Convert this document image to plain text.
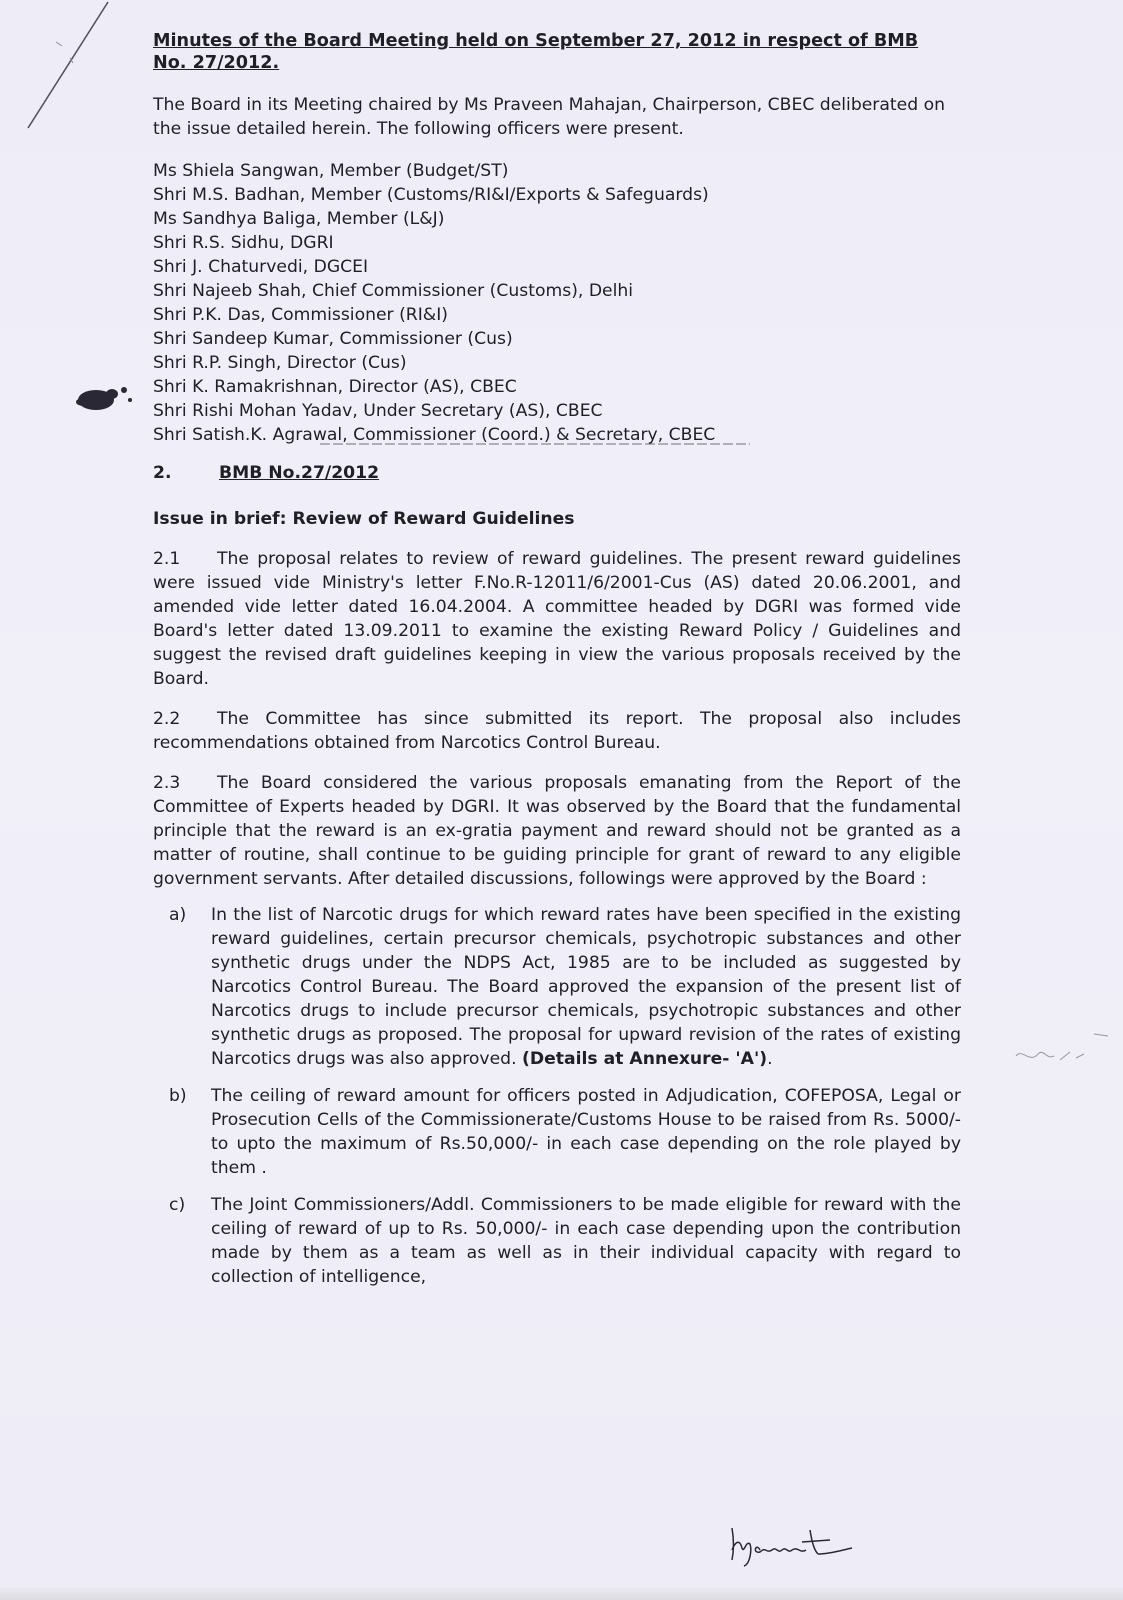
Minutes of the Board Meeting held on September 27, 2012 in respect of BMB No. 27/2012.

The Board in its Meeting chaired by Ms Praveen Mahajan, Chairperson, CBEC deliberated on the issue detailed herein. The following officers were present.

Ms Shiela Sangwan, Member (Budget/ST)
Shri M.S. Badhan, Member (Customs/RI&I/Exports & Safeguards)
Ms Sandhya Baliga, Member (L&J)
Shri R.S. Sidhu, DGRI
Shri J. Chaturvedi, DGCEI
Shri Najeeb Shah, Chief Commissioner (Customs), Delhi
Shri P.K. Das, Commissioner (RI&I)
Shri Sandeep Kumar, Commissioner (Cus)
Shri R.P. Singh, Director (Cus)
Shri K. Ramakrishnan, Director (AS), CBEC
Shri Rishi Mohan Yadav, Under Secretary (AS), CBEC
Shri Satish.K. Agrawal, Commissioner (Coord.) & Secretary, CBEC
2.	BMB No.27/2012
Issue in brief: Review of Reward Guidelines
2.1 The proposal relates to review of reward guidelines. The present reward guidelines were issued vide Ministry's letter F.No.R-12011/6/2001-Cus (AS) dated 20.06.2001, and amended vide letter dated 16.04.2004. A committee headed by DGRI was formed vide Board's letter dated 13.09.2011 to examine the existing Reward Policy / Guidelines and suggest the revised draft guidelines keeping in view the various proposals received by the Board.
2.2 The Committee has since submitted its report. The proposal also includes recommendations obtained from Narcotics Control Bureau.
2.3 The Board considered the various proposals emanating from the Report of the Committee of Experts headed by DGRI. It was observed by the Board that the fundamental principle that the reward is an ex-gratia payment and reward should not be granted as a matter of routine, shall continue to be guiding principle for grant of reward to any eligible government servants. After detailed discussions, followings were approved by the Board :
a)	In the list of Narcotic drugs for which reward rates have been specified in the existing reward guidelines, certain precursor chemicals, psychotropic substances and other synthetic drugs under the NDPS Act, 1985 are to be included as suggested by Narcotics Control Bureau. The Board approved the expansion of the present list of Narcotics drugs to include precursor chemicals, psychotropic substances and other synthetic drugs as proposed. The proposal for upward revision of the rates of existing Narcotics drugs was also approved. (Details at Annexure- 'A').
b)	The ceiling of reward amount for officers posted in Adjudication, COFEPOSA, Legal or Prosecution Cells of the Commissionerate/Customs House to be raised from Rs. 5000/- to upto the maximum of Rs.50,000/- in each case depending on the role played by them .
c)	The Joint Commissioners/Addl. Commissioners to be made eligible for reward with the ceiling of reward of up to Rs. 50,000/- in each case depending upon the contribution made by them as a team as well as in their individual capacity with regard to collection of intelligence,
